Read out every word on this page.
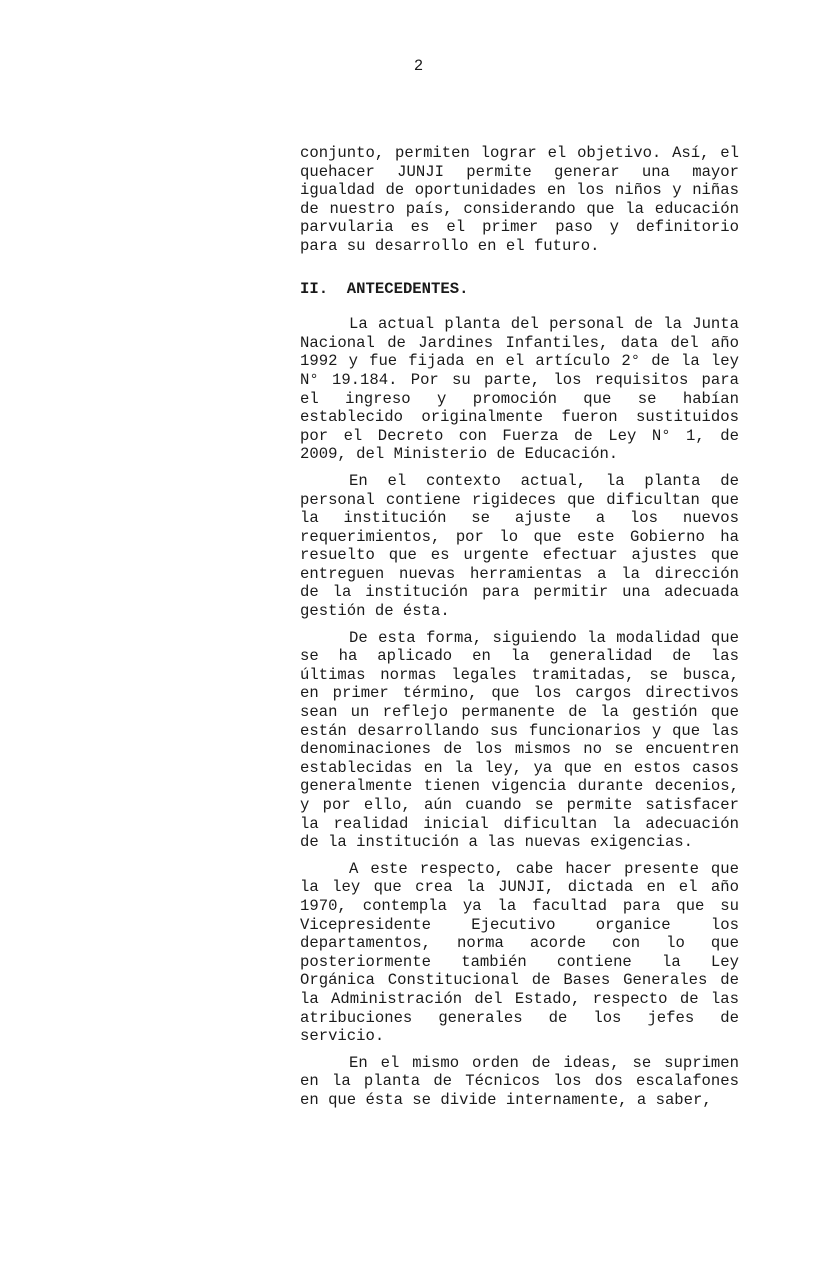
2

conjunto, permiten lograr el objetivo. Así, el quehacer JUNJI permite generar una mayor igualdad de oportunidades en los niños y niñas de nuestro país, considerando que la educación parvularia es el primer paso y definitorio para su desarrollo en el futuro.

II. ANTECEDENTES.

La actual planta del personal de la Junta Nacional de Jardines Infantiles, data del año 1992 y fue fijada en el artículo 2° de la ley N° 19.184. Por su parte, los requisitos para el ingreso y promoción que se habían establecido originalmente fueron sustituidos por el Decreto con Fuerza de Ley N° 1, de 2009, del Ministerio de Educación.

En el contexto actual, la planta de personal contiene rigideces que dificultan que la institución se ajuste a los nuevos requerimientos, por lo que este Gobierno ha resuelto que es urgente efectuar ajustes que entreguen nuevas herramientas a la dirección de la institución para permitir una adecuada gestión de ésta.

De esta forma, siguiendo la modalidad que se ha aplicado en la generalidad de las últimas normas legales tramitadas, se busca, en primer término, que los cargos directivos sean un reflejo permanente de la gestión que están desarrollando sus funcionarios y que las denominaciones de los mismos no se encuentren establecidas en la ley, ya que en estos casos generalmente tienen vigencia durante decenios, y por ello, aún cuando se permite satisfacer la realidad inicial dificultan la adecuación de la institución a las nuevas exigencias.

A este respecto, cabe hacer presente que la ley que crea la JUNJI, dictada en el año 1970, contempla ya la facultad para que su Vicepresidente Ejecutivo organice los departamentos, norma acorde con lo que posteriormente también contiene la Ley Orgánica Constitucional de Bases Generales de la Administración del Estado, respecto de las atribuciones generales de los jefes de servicio.

En el mismo orden de ideas, se suprimen en la planta de Técnicos los dos escalafones en que ésta se divide internamente, a saber,
